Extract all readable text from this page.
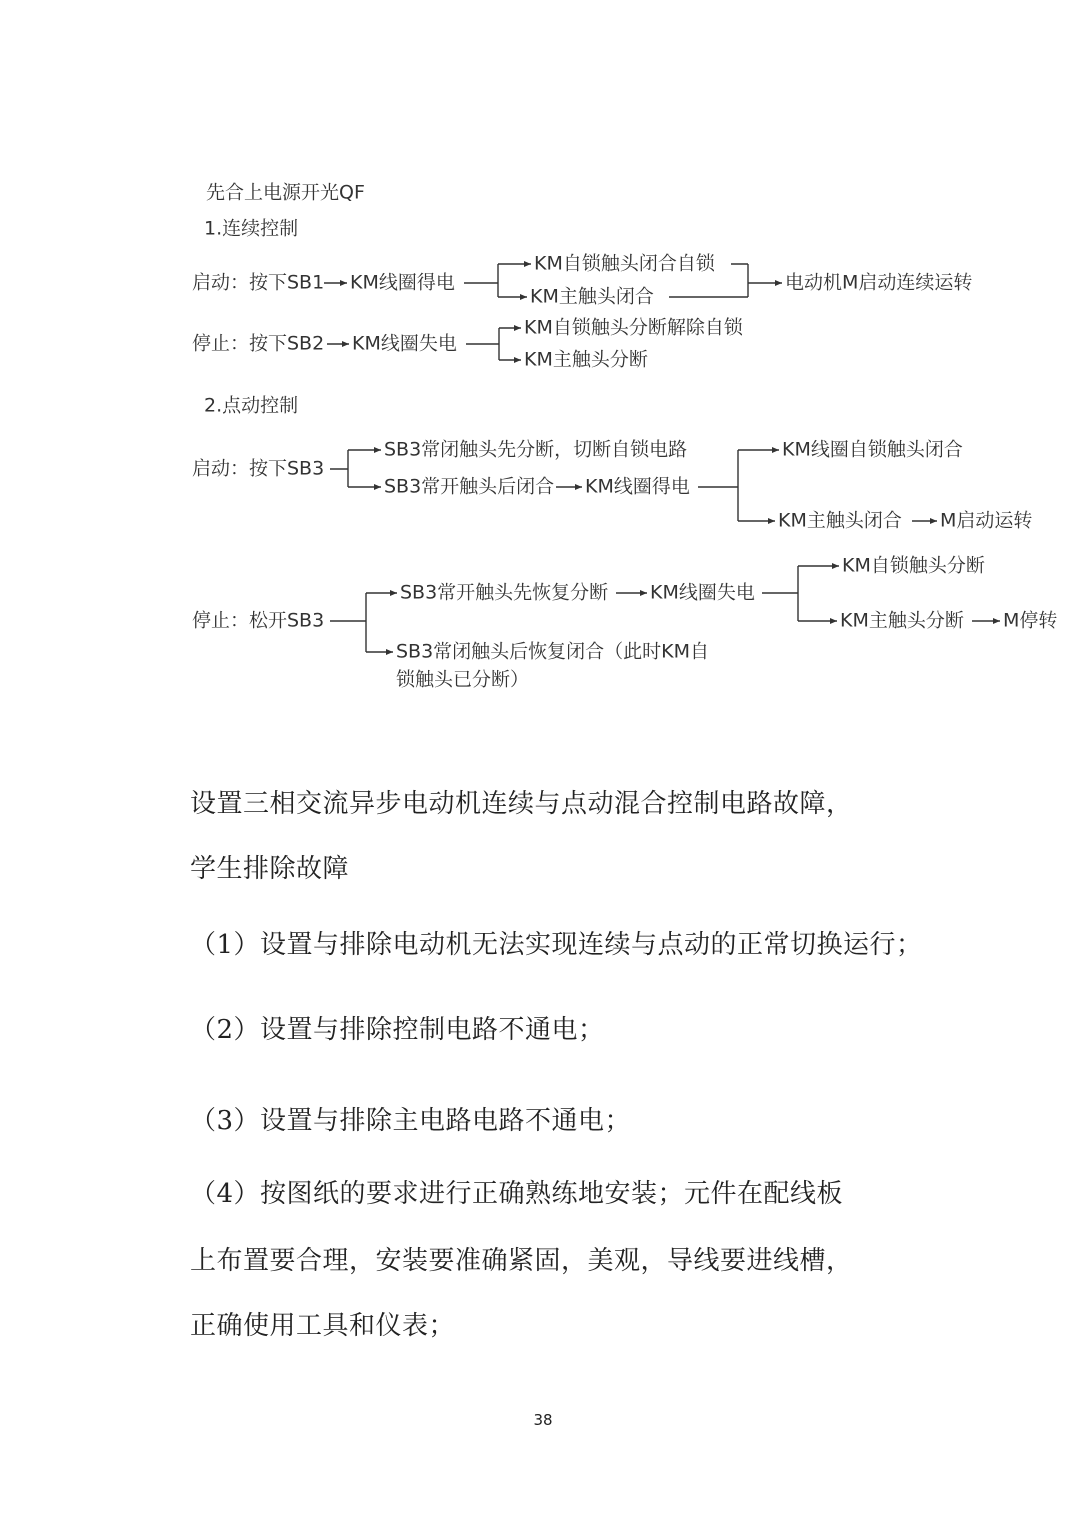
先合上电源开光QF
1.连续控制
启动：按下SB1 KM线圈得电
KM自锁触头闭合自锁
KM主触头闭合
电动机M启动连续运转
停止：按下SB2 KM线圈失电
KM自锁触头分断解除自锁
KM主触头分断
2.点动控制
启动：按下SB3
SB3常闭触头先分断，切断自锁电路
SB3常开触头后闭合 KM线圈得电
KM线圈自锁触头闭合
KM主触头闭合 M启动运转
停止：松开SB3
SB3常开触头先恢复分断 KM线圈失电
KM自锁触头分断
KM主触头分断 M停转
SB3常闭触头后恢复闭合（此时KM自
锁触头已分断）

设置三相交流异步电动机连续与点动混合控制电路故障，

学生排除故障

（1）设置与排除电动机无法实现连续与点动的正常切换运行；

（2）设置与排除控制电路不通电；

（3）设置与排除主电路电路不通电；

（4）按图纸的要求进行正确熟练地安装；元件在配线板

上布置要合理，安装要准确紧固，美观，导线要进线槽，

正确使用工具和仪表；

38
